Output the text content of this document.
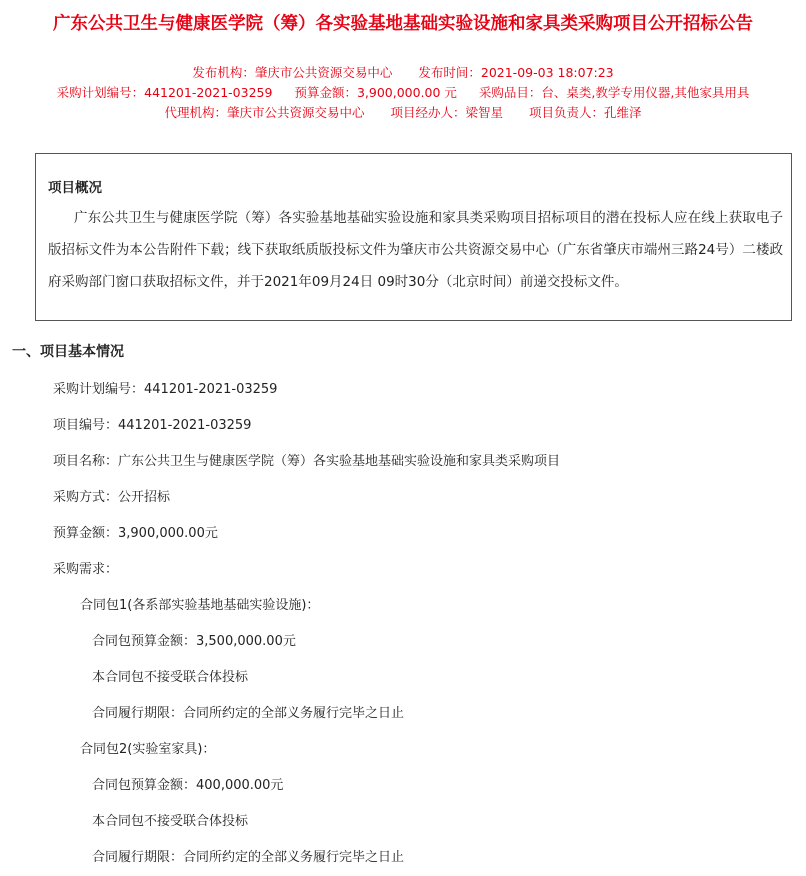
广东公共卫生与健康医学院（筹）各实验基地基础实验设施和家具类采购项目公开招标公告
发布机构：肇庆市公共资源交易中心 发布时间：2021-09-03 18:07:23
采购计划编号：441201-2021-03259 预算金额：3,900,000.00 元 采购品目：台、桌类,教学专用仪器,其他家具用具
代理机构：肇庆市公共资源交易中心 项目经办人：梁智星 项目负责人：孔维泽
项目概况
广东公共卫生与健康医学院（筹）各实验基地基础实验设施和家具类采购项目招标项目的潜在投标人应在线上获取电子版招标文件为本公告附件下载；线下获取纸质版投标文件为肇庆市公共资源交易中心（广东省肇庆市端州三路24号）二楼政府采购部门窗口获取招标文件，并于2021年09月24日 09时30分（北京时间）前递交投标文件。
一、项目基本情况
采购计划编号：441201-2021-03259
项目编号：441201-2021-03259
项目名称：广东公共卫生与健康医学院（筹）各实验基地基础实验设施和家具类采购项目
采购方式：公开招标
预算金额：3,900,000.00元
采购需求：
合同包1(各系部实验基地基础实验设施)：
合同包预算金额：3,500,000.00元
本合同包不接受联合体投标
合同履行期限：合同所约定的全部义务履行完毕之日止
合同包2(实验室家具)：
合同包预算金额：400,000.00元
本合同包不接受联合体投标
合同履行期限：合同所约定的全部义务履行完毕之日止
